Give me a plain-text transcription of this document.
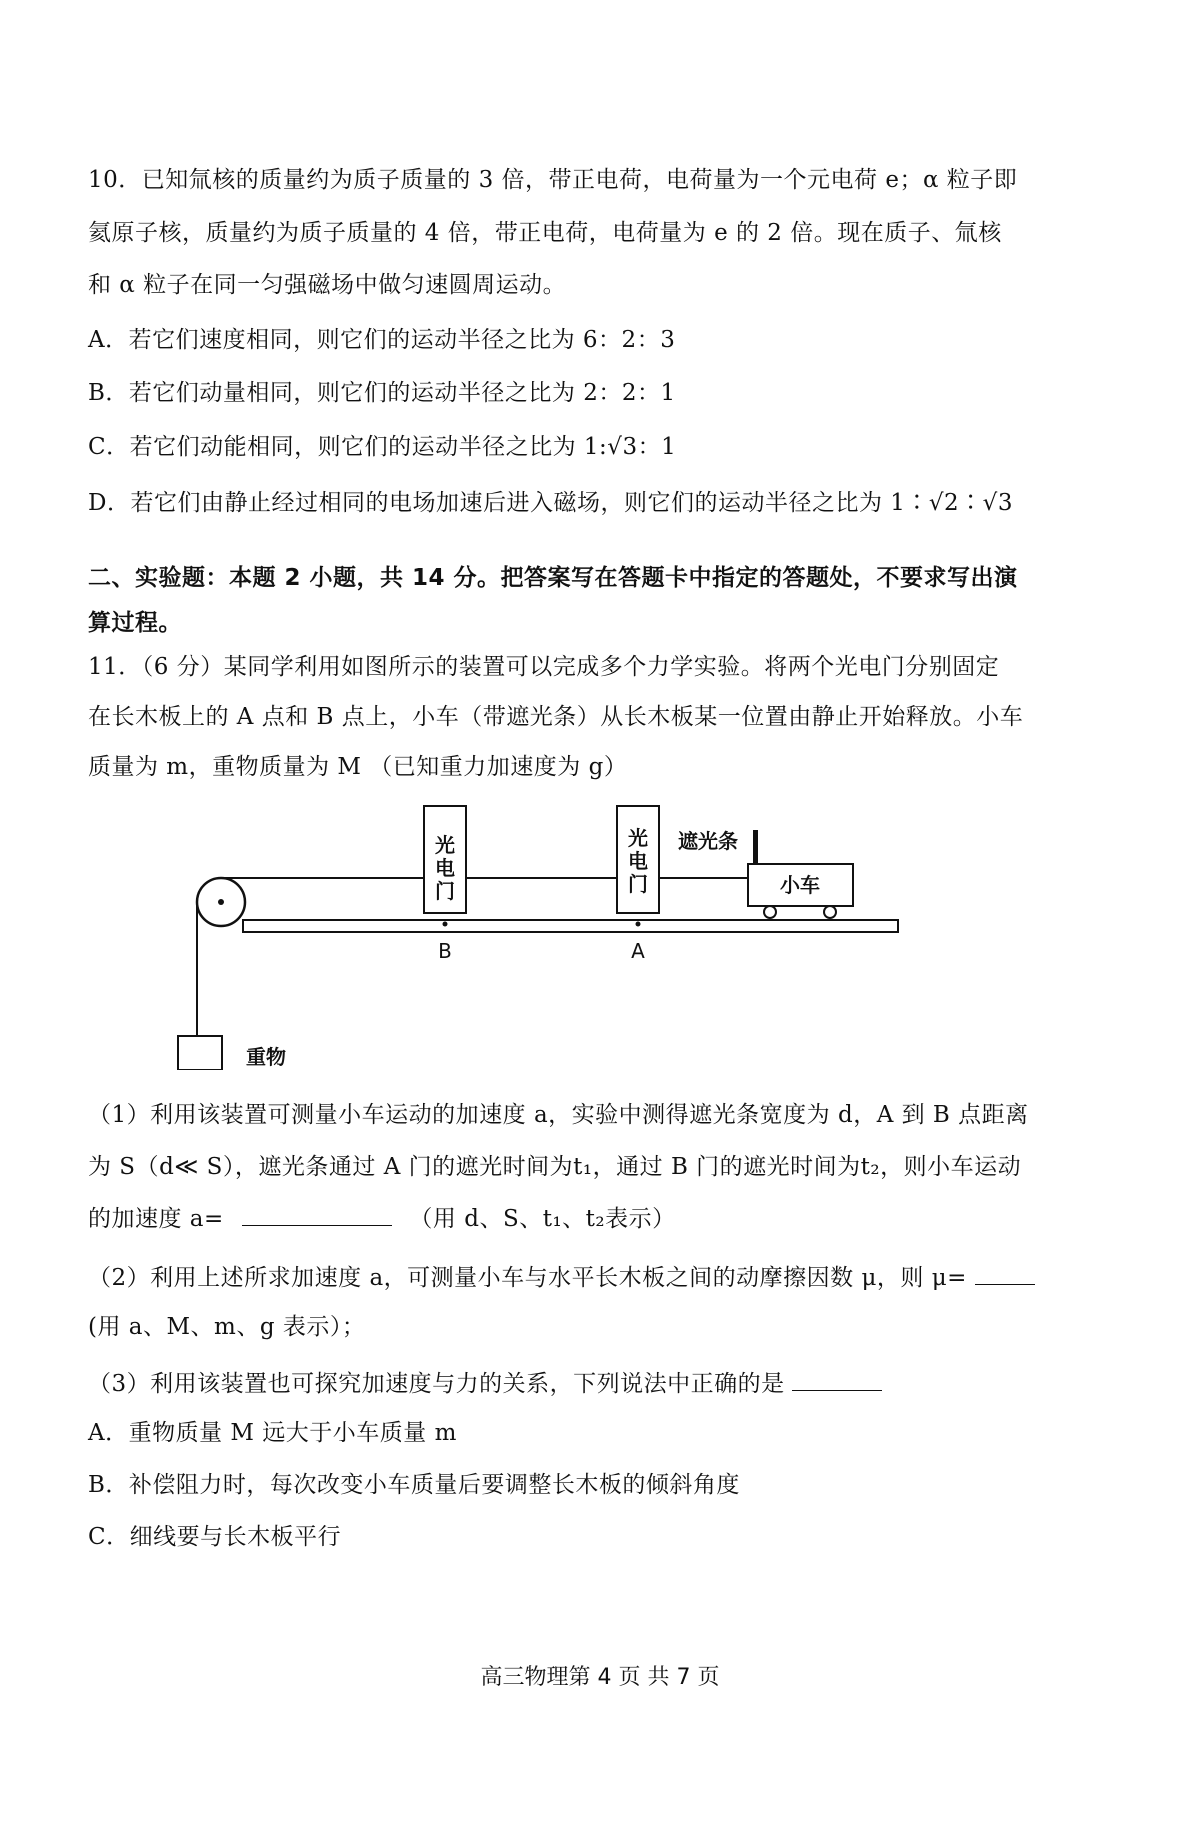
10．已知氚核的质量约为质子质量的 3 倍，带正电荷，电荷量为一个元电荷 e；α 粒子即
氦原子核，质量约为质子质量的 4 倍，带正电荷，电荷量为 e 的 2 倍。现在质子、氚核
和 α 粒子在同一匀强磁场中做匀速圆周运动。
A．若它们速度相同，则它们的运动半径之比为 6：2：3
B．若它们动量相同，则它们的运动半径之比为 2：2：1
C．若它们动能相同，则它们的运动半径之比为 1:√3：1
D．若它们由静止经过相同的电场加速后进入磁场，则它们的运动半径之比为 1∶√2∶√3
二、实验题：本题 2 小题，共 14 分。把答案写在答题卡中指定的答题处，不要求写出演
算过程。
11．（6 分）某同学利用如图所示的装置可以完成多个力学实验。将两个光电门分别固定
在长木板上的 A 点和 B 点上，小车（带遮光条）从长木板某一位置由静止开始释放。小车
质量为 m，重物质量为 M （已知重力加速度为 g）
重物
光
电
门
B
光
电
门
A
遮光条
小车
（1）利用该装置可测量小车运动的加速度 a，实验中测得遮光条宽度为 d，A 到 B 点距离
为 S（d≪ S），遮光条通过 A 门的遮光时间为t₁，通过 B 门的遮光时间为t₂，则小车运动
的加速度 a=	（用 d、S、t₁、t₂表示）
（2）利用上述所求加速度 a，可测量小车与水平长木板之间的动摩擦因数 μ，则 μ=
(用 a、M、m、g 表示）；
（3）利用该装置也可探究加速度与力的关系，下列说法中正确的是
A．重物质量 M 远大于小车质量 m
B．补偿阻力时，每次改变小车质量后要调整长木板的倾斜角度
C．细线要与长木板平行
高三物理第 4 页 共 7 页
